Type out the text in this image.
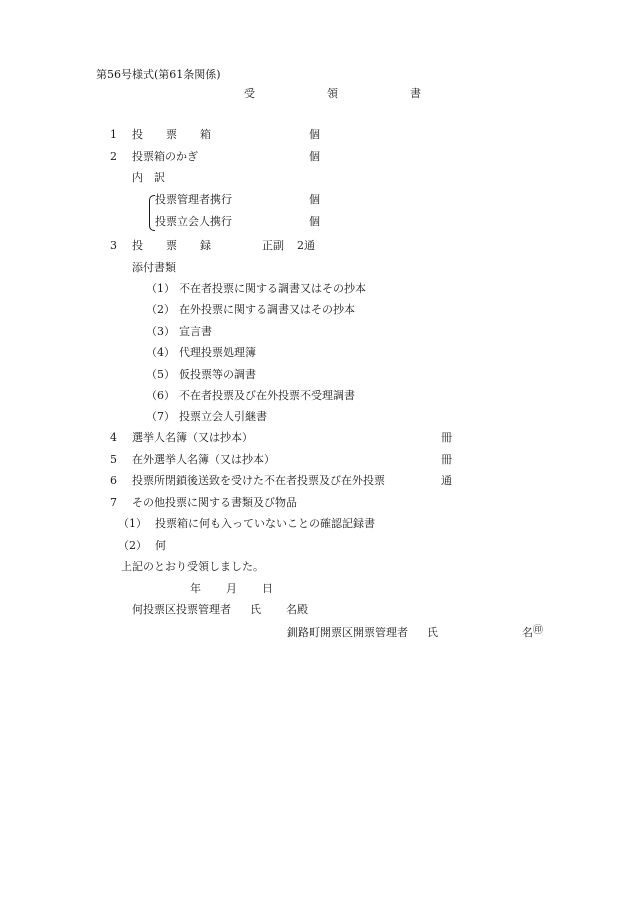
第56号様式(第61条関係)
受	領	書
1 投 票 箱	個
2 投票箱のかぎ	個
内 訳
投票管理者携行	個
投票立会人携行	個
3 投 票 録	正副 2通
添付書類
（1） 不在者投票に関する調書又はその抄本
（2） 在外投票に関する調書又はその抄本
（3） 宣言書
（4） 代理投票処理簿
（5） 仮投票等の調書
（6） 不在者投票及び在外投票不受理調書
（7） 投票立会人引継書
4 選挙人名簿（又は抄本）	冊
5 在外選挙人名簿（又は抄本）	冊
6 投票所閉鎖後送致を受けた不在者投票及び在外投票	通
7 その他投票に関する書類及び物品
（1） 投票箱に何も入っていないことの確認記録書
（2） 何
上記のとおり受領しました。
年 月 日
何投票区投票管理者 氏 名殿
釧路町開票区開票管理者 氏	名 ㊞
